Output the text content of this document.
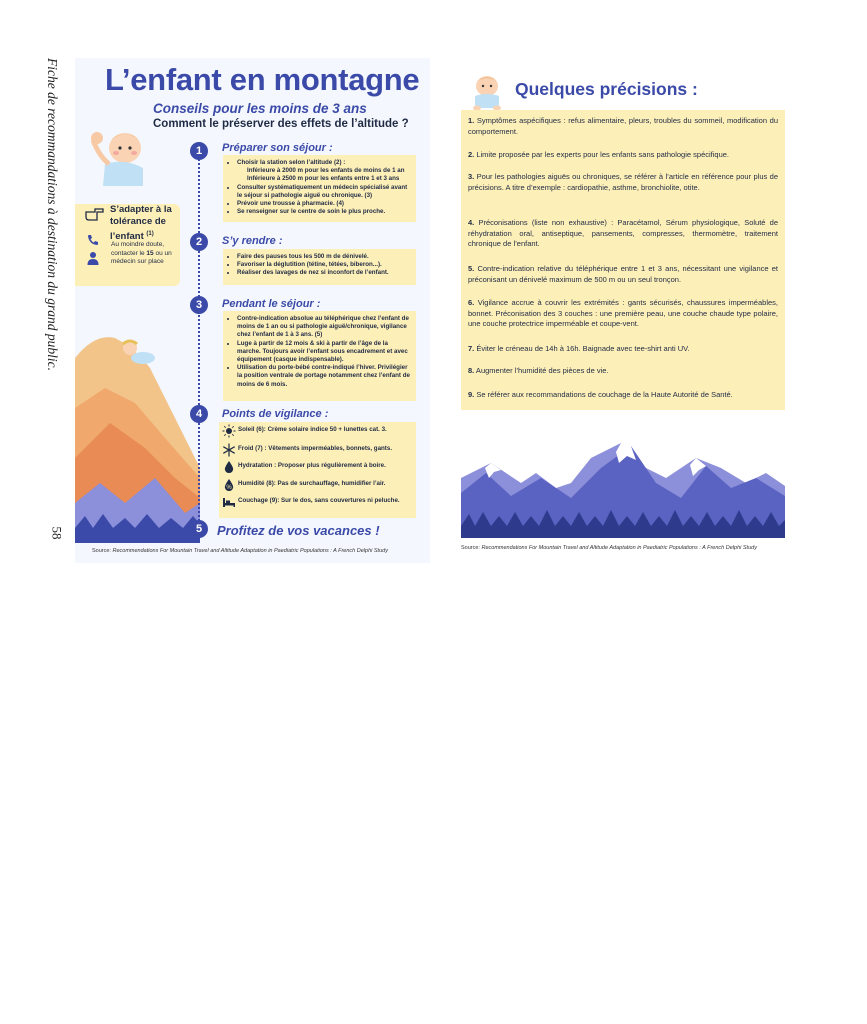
Fiche de recommandations à destination du grand public.
58
L’enfant en montagne
Conseils pour les moins de 3 ans
Comment le préserver des effets de l’altitude ?
S’adapter à la tolérance de l’enfant $^{(1)}$
Au moindre doute, contacter le 15 ou un médecin sur place
1	Préparer son séjour :
• Choisir la station selon l’altitude (2) :
Inférieure à 2000 m pour les enfants de moins de 1 an
Inférieure à 2500 m pour les enfants entre 1 et 3 ans
• Consulter systématiquement un médecin spécialisé avant le séjour si pathologie aiguë ou chronique. (3)
• Prévoir une trousse à pharmacie. (4)
• Se renseigner sur le centre de soin le plus proche.
2	S’y rendre :
• Faire des pauses tous les 500 m de dénivelé.
• Favoriser la déglutition (tétine, tétées, biberon...).
• Réaliser des lavages de nez si inconfort de l’enfant.
3	Pendant le séjour :
• Contre-indication absolue au téléphérique chez l’enfant de moins de 1 an ou si pathologie aiguë/chronique, vigilance chez l’enfant de 1 à 3 ans. (5)
• Luge à partir de 12 mois & ski à partir de l’âge de la marche. Toujours avoir l’enfant sous encadrement et avec équipement (casque indispensable).
• Utilisation du porte-bébé contre-indiqué l’hiver. Privilégier la position ventrale de portage notamment chez l’enfant de moins de 6 mois.
4	Points de vigilance :
Soleil (6): Crème solaire indice 50 + lunettes cat. 3.
Froid (7) : Vêtements imperméables, bonnets, gants.
Hydratation : Proposer plus régulièrement à boire.
%
Humidité (8): Pas de surchauffage, humidifier l’air.
Couchage (9): Sur le dos, sans couvertures ni peluche.
5	Profitez de vos vacances !
Source: Recommendations For Mountain Travel and Altitude Adaptation in Paediatric Populations : A French Delphi Study
Quelques précisions :
1. Symptômes aspécifiques : refus alimentaire, pleurs, troubles du sommeil, modification du comportement.
2. Limite proposée par les experts pour les enfants sans pathologie spécifique.
3. Pour les pathologies aiguës ou chroniques, se référer à l’article en référence pour plus de précisions. A titre d’exemple : cardiopathie, asthme, bronchiolite, otite.
4. Préconisations (liste non exhaustive) : Paracétamol, Sérum physiologique, Soluté de réhydratation oral, antiseptique, pansements, compresses, thermomètre, traitement chronique de l’enfant.
5. Contre-indication relative du téléphérique entre 1 et 3 ans, nécessitant une vigilance et préconisant un dénivelé maximum de 500 m ou un seul tronçon.
6. Vigilance accrue à couvrir les extrémités : gants sécurisés, chaussures imperméables, bonnet. Préconisation des 3 couches : une première peau, une couche chaude type polaire, une couche protectrice imperméable et coupe-vent.
7. Éviter le créneau de 14h à 16h. Baignade avec tee-shirt anti UV.
8. Augmenter l’humidité des pièces de vie.
9. Se référer aux recommandations de couchage de la Haute Autorité de Santé.
Source: Recommendations For Mountain Travel and Altitude Adaptation in Paediatric Populations : A French Delphi Study
